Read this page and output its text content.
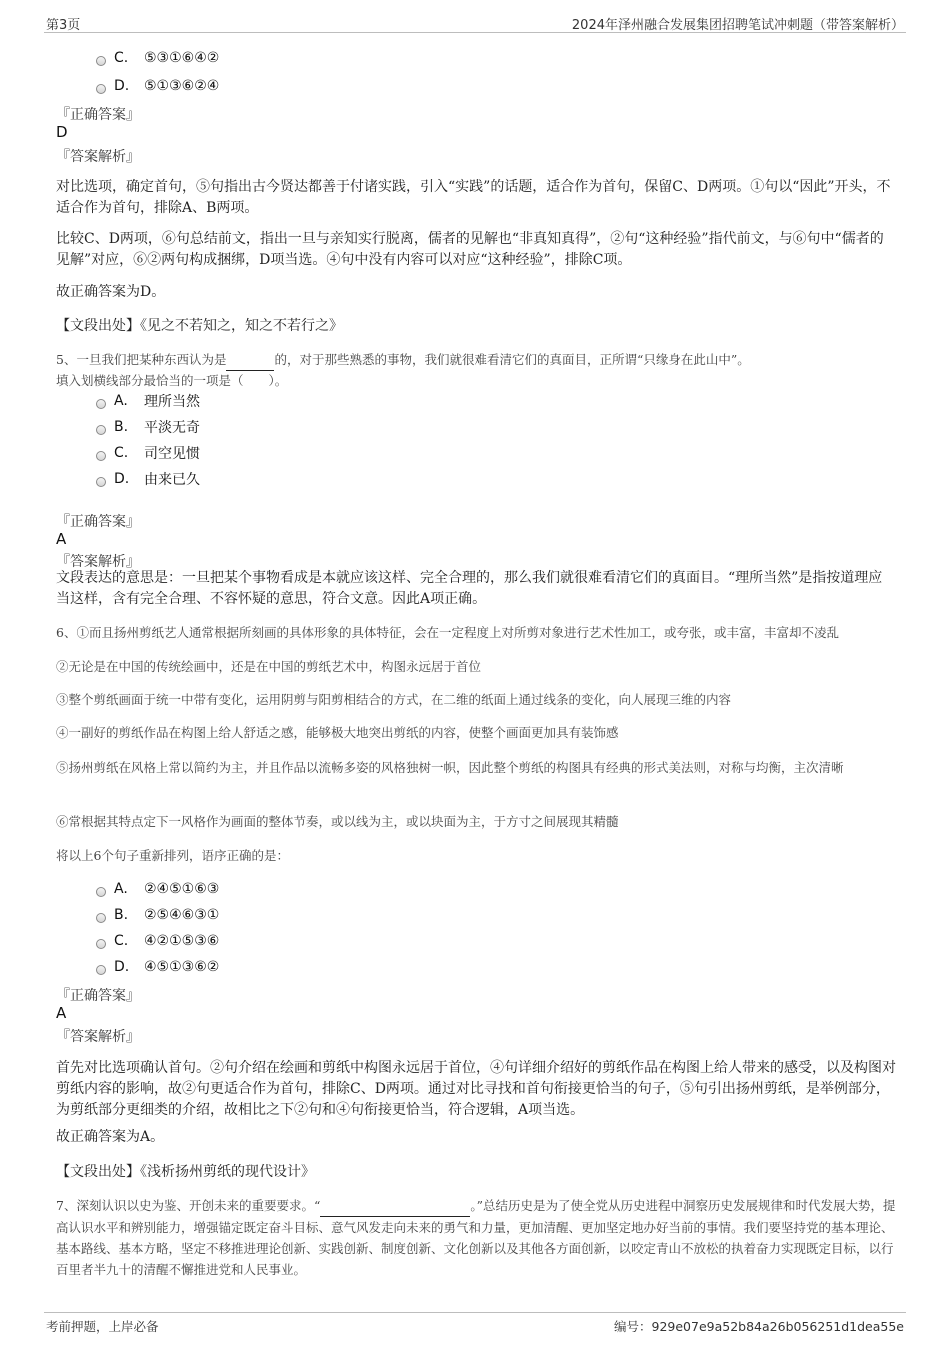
第3页	2024年泽州融合发展集团招聘笔试冲刺题（带答案解析）
C.	⑤③①⑥④②
D.	⑤①③⑥②④
『正确答案』
D
『答案解析』
对比选项，确定首句，⑤句指出古今贤达都善于付诸实践，引入“实践”的话题，适合作为首句，保留C、D两项。①句以“因此”开头，不适合作为首句，排除A、B两项。
比较C、D两项，⑥句总结前文，指出一旦与亲知实行脱离，儒者的见解也“非真知真得”，②句“这种经验”指代前文，与⑥句中“儒者的见解”对应，⑥②两句构成捆绑，D项当选。④句中没有内容可以对应“这种经验”，排除C项。
故正确答案为D。
【文段出处】《见之不若知之，知之不若行之》
5、一旦我们把某种东西认为是	的，对于那些熟悉的事物，我们就很难看清它们的真面目，正所谓“只缘身在此山中”。
填入划横线部分最恰当的一项是（　　）。
A.	理所当然
B.	平淡无奇
C.	司空见惯
D.	由来已久
『正确答案』
A
『答案解析』
文段表达的意思是：一旦把某个事物看成是本就应该这样、完全合理的，那么我们就很难看清它们的真面目。“理所当然”是指按道理应当这样，含有完全合理、不容怀疑的意思，符合文意。因此A项正确。
6、①而且扬州剪纸艺人通常根据所刻画的具体形象的具体特征，会在一定程度上对所剪对象进行艺术性加工，或夸张，或丰富，丰富却不凌乱
②无论是在中国的传统绘画中，还是在中国的剪纸艺术中，构图永远居于首位
③整个剪纸画面于统一中带有变化，运用阴剪与阳剪相结合的方式，在二维的纸面上通过线条的变化，向人展现三维的内容
④一副好的剪纸作品在构图上给人舒适之感，能够极大地突出剪纸的内容，使整个画面更加具有装饰感
⑤扬州剪纸在风格上常以简约为主，并且作品以流畅多姿的风格独树一帜，因此整个剪纸的构图具有经典的形式美法则，对称与均衡，主次清晰
⑥常根据其特点定下一风格作为画面的整体节奏，或以线为主，或以块面为主，于方寸之间展现其精髓
将以上6个句子重新排列，语序正确的是：
A.	②④⑤①⑥③
B.	②⑤④⑥③①
C.	④②①⑤③⑥
D.	④⑤①③⑥②
『正确答案』
A
『答案解析』
首先对比选项确认首句。②句介绍在绘画和剪纸中构图永远居于首位，④句详细介绍好的剪纸作品在构图上给人带来的感受，以及构图对剪纸内容的影响，故②句更适合作为首句，排除C、D两项。通过对比寻找和首句衔接更恰当的句子，⑤句引出扬州剪纸，是举例部分，为剪纸部分更细类的介绍，故相比之下②句和④句衔接更恰当，符合逻辑，A项当选。
故正确答案为A。
【文段出处】《浅析扬州剪纸的现代设计》
7、深刻认识以史为鉴、开创未来的重要要求。“	。”总结历史是为了使全党从历史进程中洞察历史发展规律和时代发展大势，提高认识水平和辨别能力，增强锚定既定奋斗目标、意气风发走向未来的勇气和力量，更加清醒、更加坚定地办好当前的事情。我们要坚持党的基本理论、基本路线、基本方略，坚定不移推进理论创新、实践创新、制度创新、文化创新以及其他各方面创新，以咬定青山不放松的执着奋力实现既定目标，以行百里者半九十的清醒不懈推进党和人民事业。
考前押题，上岸必备	编号：929e07e9a52b84a26b056251d1dea55e
